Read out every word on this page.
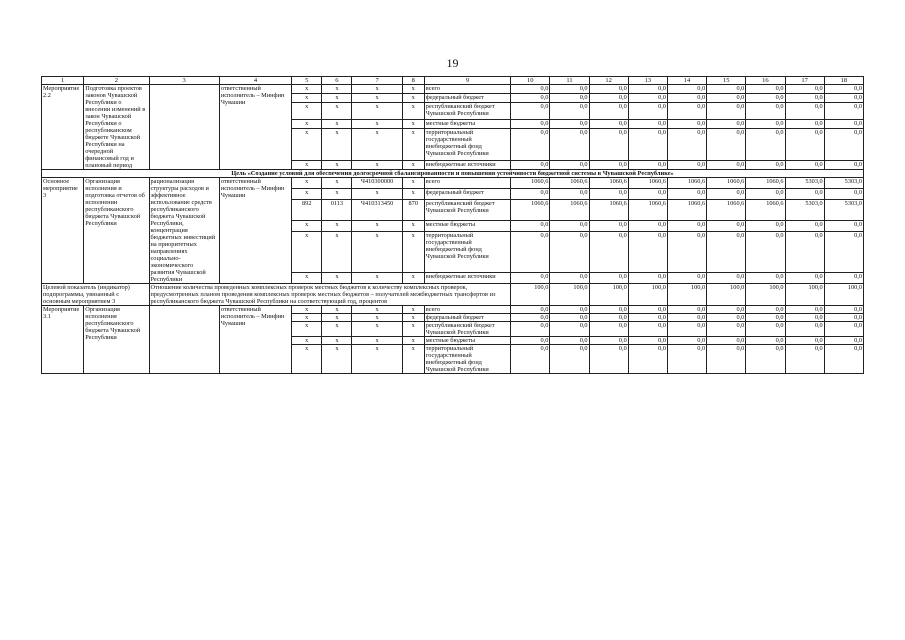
19
1	2	3	4	5	6	7	8	9	10	11	12	13	14	15	16	17	18
Мероприятие 2.2	Подготовка проектов законов Чувашской Республики о внесении изменений в закон Чувашской Республики о республиканском бюджете Чувашской Республики на очередной финансовый год и плановый период		ответственный исполнитель – Минфин Чувашии	x	x	x	x	всего	0,0	0,0	0,0	0,0	0,0	0,0	0,0	0,0	0,0
				x	x	x	x	федеральный бюджет	0,0	0,0	0,0	0,0	0,0	0,0	0,0	0,0	0,0
				x	x	x	x	республиканский бюджет Чувашской Республики	0,0	0,0	0,0	0,0	0,0	0,0	0,0	0,0	0,0
				x	x	x	x	местные бюджеты	0,0	0,0	0,0	0,0	0,0	0,0	0,0	0,0	0,0
				x	x	x	x	территориальный государственный внебюджетный фонд Чувашской Республики	0,0	0,0	0,0	0,0	0,0	0,0	0,0	0,0	0,0
				x	x	x	x	внебюджетные источники	0,0	0,0	0,0	0,0	0,0	0,0	0,0	0,0	0,0
Цель «Создание условий для обеспечения долгосрочной сбалансированности и повышения устойчивости бюджетной системы в Чувашской Республике»																	
Основное мероприятие 3	Организация исполнения и подготовка отчетов об исполнении республиканского бюджета Чувашской Республики	рационализация структуры расходов и эффективное использование средств республиканского бюджета Чувашской Республики, концентрация бюджетных инвестиций на приоритетных направлениях социально-экономического развития Чувашской Республики	ответственный исполнитель – Минфин Чувашии	x	x	Ч410300000	x	всего	1060,6	1060,6	1060,6	1060,6	1060,6	1060,6	1060,6	5303,0	5303,0
				x	x	x	x	федеральный бюджет	0,0	0,0	0,0	0,0	0,0	0,0	0,0	0,0	0,0
				892	0113	Ч410313450	870	республиканский бюджет Чувашской Республики	1060,6	1060,6	1060,6	1060,6	1060,6	1060,6	1060,6	5303,0	5303,0
				x	x	x	x	местные бюджеты	0,0	0,0	0,0	0,0	0,0	0,0	0,0	0,0	0,0
				x	x	x	x	территориальный государственный внебюджетный фонд Чувашской Республики	0,0	0,0	0,0	0,0	0,0	0,0	0,0	0,0	0,0
				x	x	x	x	внебюджетные источники	0,0	0,0	0,0	0,0	0,0	0,0	0,0	0,0	0,0
Целевой показатель (индикатор) подпрограммы, увязанный с основным мероприятием 3		Отношение количества проведенных комплексных проверок местных бюджетов к количеству комплексных проверок, предусмотренных планом проведения комплексных проверок местных бюджетов – получателей межбюджетных трансфертов из республиканского бюджета Чувашской Республики на соответствующий год, процентов							100,0	100,0	100,0	100,0	100,0	100,0	100,0	100,0	100,0
Мероприятие 3.1	Организация исполнения республиканского бюджета Чувашской Республики		ответственный исполнитель – Минфин Чувашии	x	x	x	x	всего	0,0	0,0	0,0	0,0	0,0	0,0	0,0	0,0	0,0
				x	x	x	x	федеральный бюджет	0,0	0,0	0,0	0,0	0,0	0,0	0,0	0,0	0,0
				x	x	x	x	республиканский бюджет Чувашской Республики	0,0	0,0	0,0	0,0	0,0	0,0	0,0	0,0	0,0
				x	x	x	x	местные бюджеты	0,0	0,0	0,0	0,0	0,0	0,0	0,0	0,0	0,0
				x	x	x	x	территориальный государственный внебюджетный фонд Чувашской Республики	0,0	0,0	0,0	0,0	0,0	0,0	0,0	0,0	0,0
